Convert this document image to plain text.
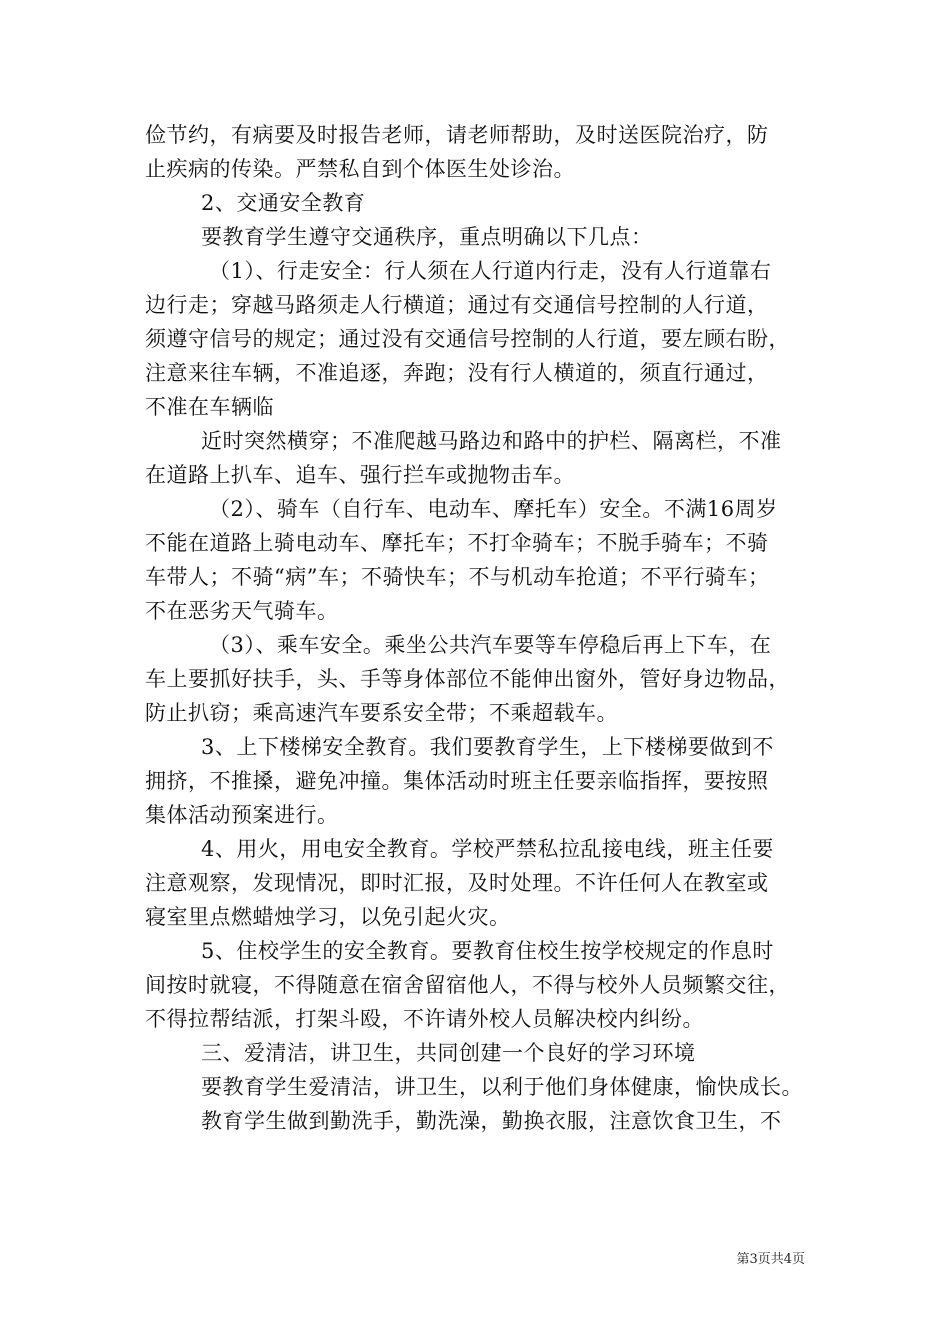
俭节约，有病要及时报告老师，请老师帮助，及时送医院治疗，防
止疾病的传染。严禁私自到个体医生处诊治。

2、交通安全教育

要教育学生遵守交通秩序，重点明确以下几点：

（1）、行走安全：行人须在人行道内行走，没有人行道靠右
边行走；穿越马路须走人行横道；通过有交通信号控制的人行道，
须遵守信号的规定；通过没有交通信号控制的人行道，要左顾右盼，
注意来往车辆，不准追逐，奔跑；没有行人横道的，须直行通过，
不准在车辆临

近时突然横穿；不准爬越马路边和路中的护栏、隔离栏，不准
在道路上扒车、追车、强行拦车或抛物击车。

（2）、骑车（自行车、电动车、摩托车）安全。不满16周岁
不能在道路上骑电动车、摩托车；不打伞骑车；不脱手骑车；不骑
车带人；不骑“病”车；不骑快车；不与机动车抢道；不平行骑车；
不在恶劣天气骑车。

（3）、乘车安全。乘坐公共汽车要等车停稳后再上下车，在
车上要抓好扶手，头、手等身体部位不能伸出窗外，管好身边物品，
防止扒窃；乘高速汽车要系安全带；不乘超载车。

3、上下楼梯安全教育。我们要教育学生，上下楼梯要做到不
拥挤，不推搡，避免冲撞。集体活动时班主任要亲临指挥，要按照
集体活动预案进行。

4、用火，用电安全教育。学校严禁私拉乱接电线，班主任要
注意观察，发现情况，即时汇报，及时处理。不许任何人在教室或
寝室里点燃蜡烛学习，以免引起火灾。

5、住校学生的安全教育。要教育住校生按学校规定的作息时
间按时就寝，不得随意在宿舍留宿他人，不得与校外人员频繁交往，
不得拉帮结派，打架斗殴，不许请外校人员解决校内纠纷。

三、爱清洁，讲卫生，共同创建一个良好的学习环境

要教育学生爱清洁，讲卫生，以利于他们身体健康，愉快成长。

教育学生做到勤洗手，勤洗澡，勤换衣服，注意饮食卫生，不

第3页共4页
